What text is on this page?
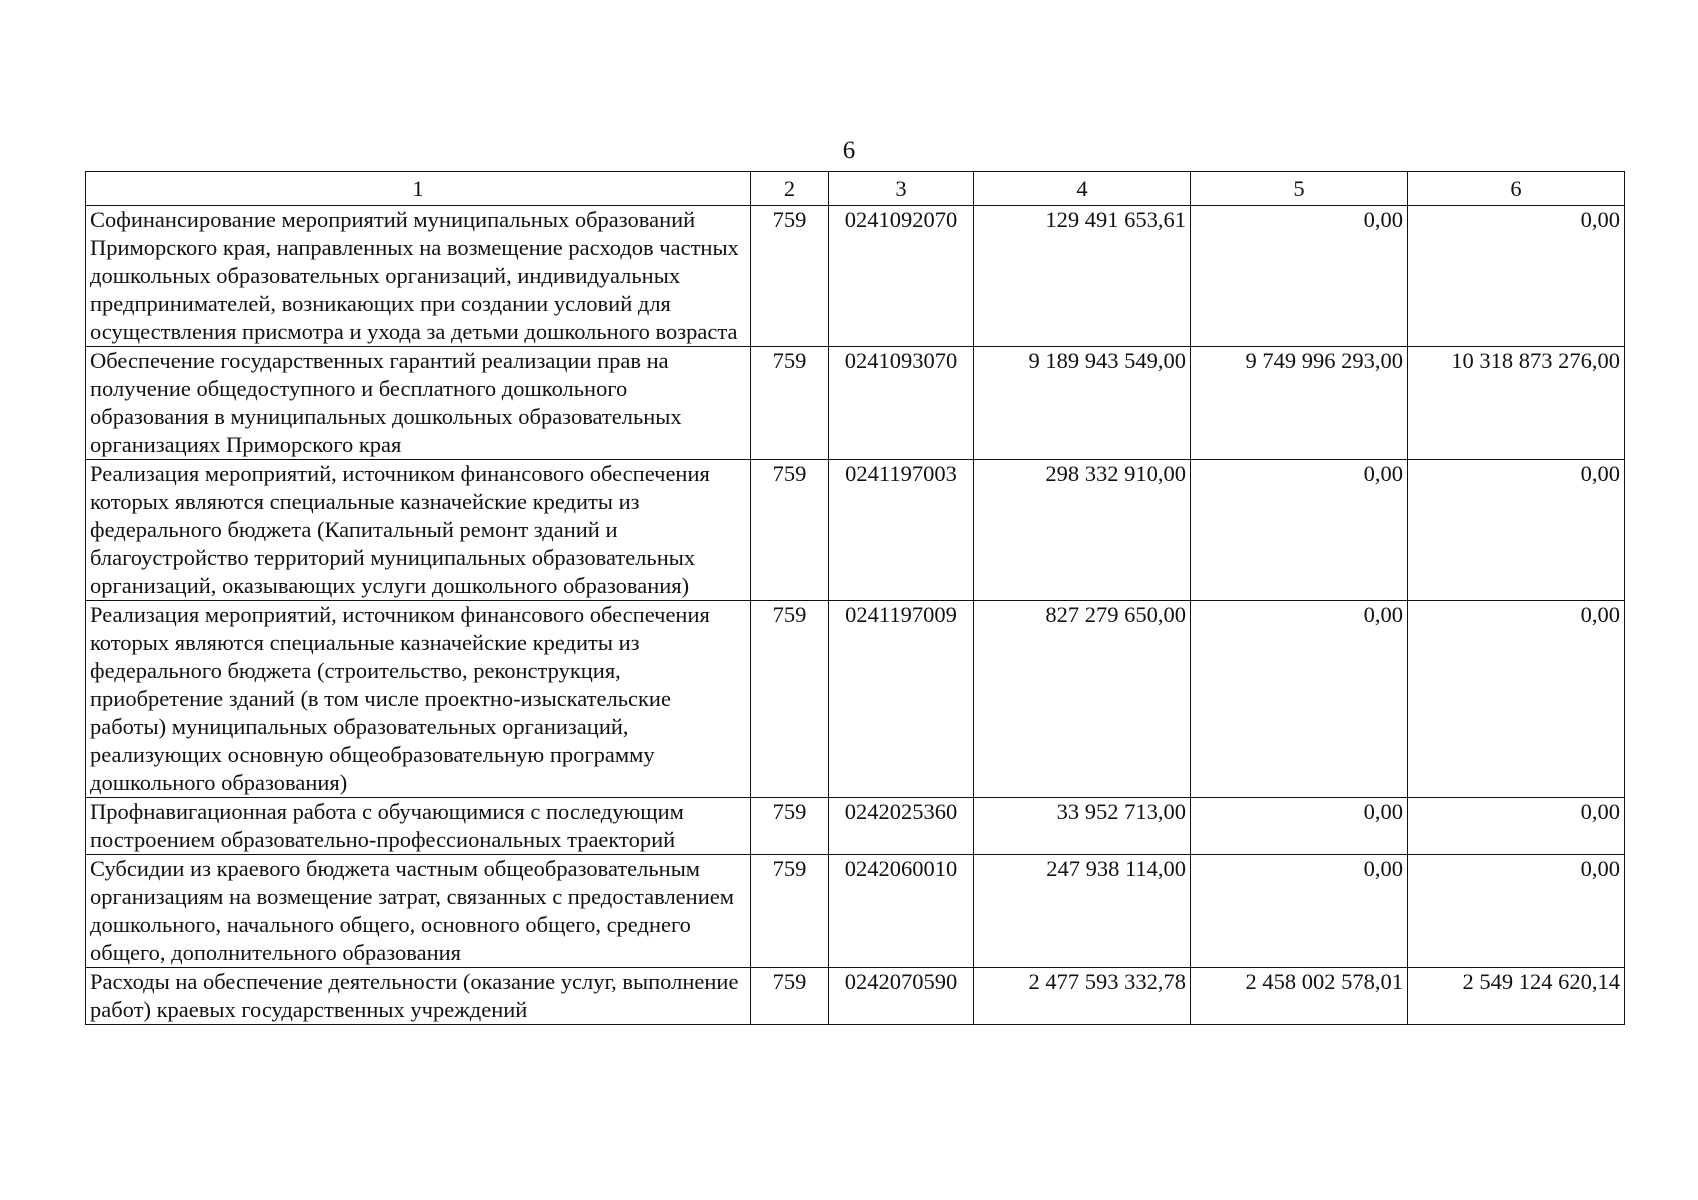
6
1	2	3	4	5	6

Софинансирование мероприятий муниципальных образований Приморского края, направленных на возмещение расходов частных дошкольных образовательных организаций, индивидуальных предпринимателей, возникающих при создании условий для осуществления присмотра и ухода за детьми дошкольного возраста	759	0241092070	129 491 653,61	0,00	0,00

Обеспечение государственных гарантий реализации прав на получение общедоступного и бесплатного дошкольного образования в муниципальных дошкольных образовательных организациях Приморского края	759	0241093070	9 189 943 549,00	9 749 996 293,00	10 318 873 276,00

Реализация мероприятий, источником финансового обеспечения которых являются специальные казначейские кредиты из федерального бюджета (Капитальный ремонт зданий и благоустройство территорий муниципальных образовательных организаций, оказывающих услуги дошкольного образования)	759	0241197003	298 332 910,00	0,00	0,00

Реализация мероприятий, источником финансового обеспечения которых являются специальные казначейские кредиты из федерального бюджета (строительство, реконструкция, приобретение зданий (в том числе проектно-изыскательские работы) муниципальных образовательных организаций, реализующих основную общеобразовательную программу дошкольного образования)	759	0241197009	827 279 650,00	0,00	0,00

Профнавигационная работа с обучающимися с последующим построением образовательно-профессиональных траекторий	759	0242025360	33 952 713,00	0,00	0,00

Субсидии из краевого бюджета частным общеобразовательным организациям на возмещение затрат, связанных с предоставлением дошкольного, начального общего, основного общего, среднего общего, дополнительного образования	759	0242060010	247 938 114,00	0,00	0,00

Расходы на обеспечение деятельности (оказание услуг, выполнение работ) краевых государственных учреждений	759	0242070590	2 477 593 332,78	2 458 002 578,01	2 549 124 620,14
